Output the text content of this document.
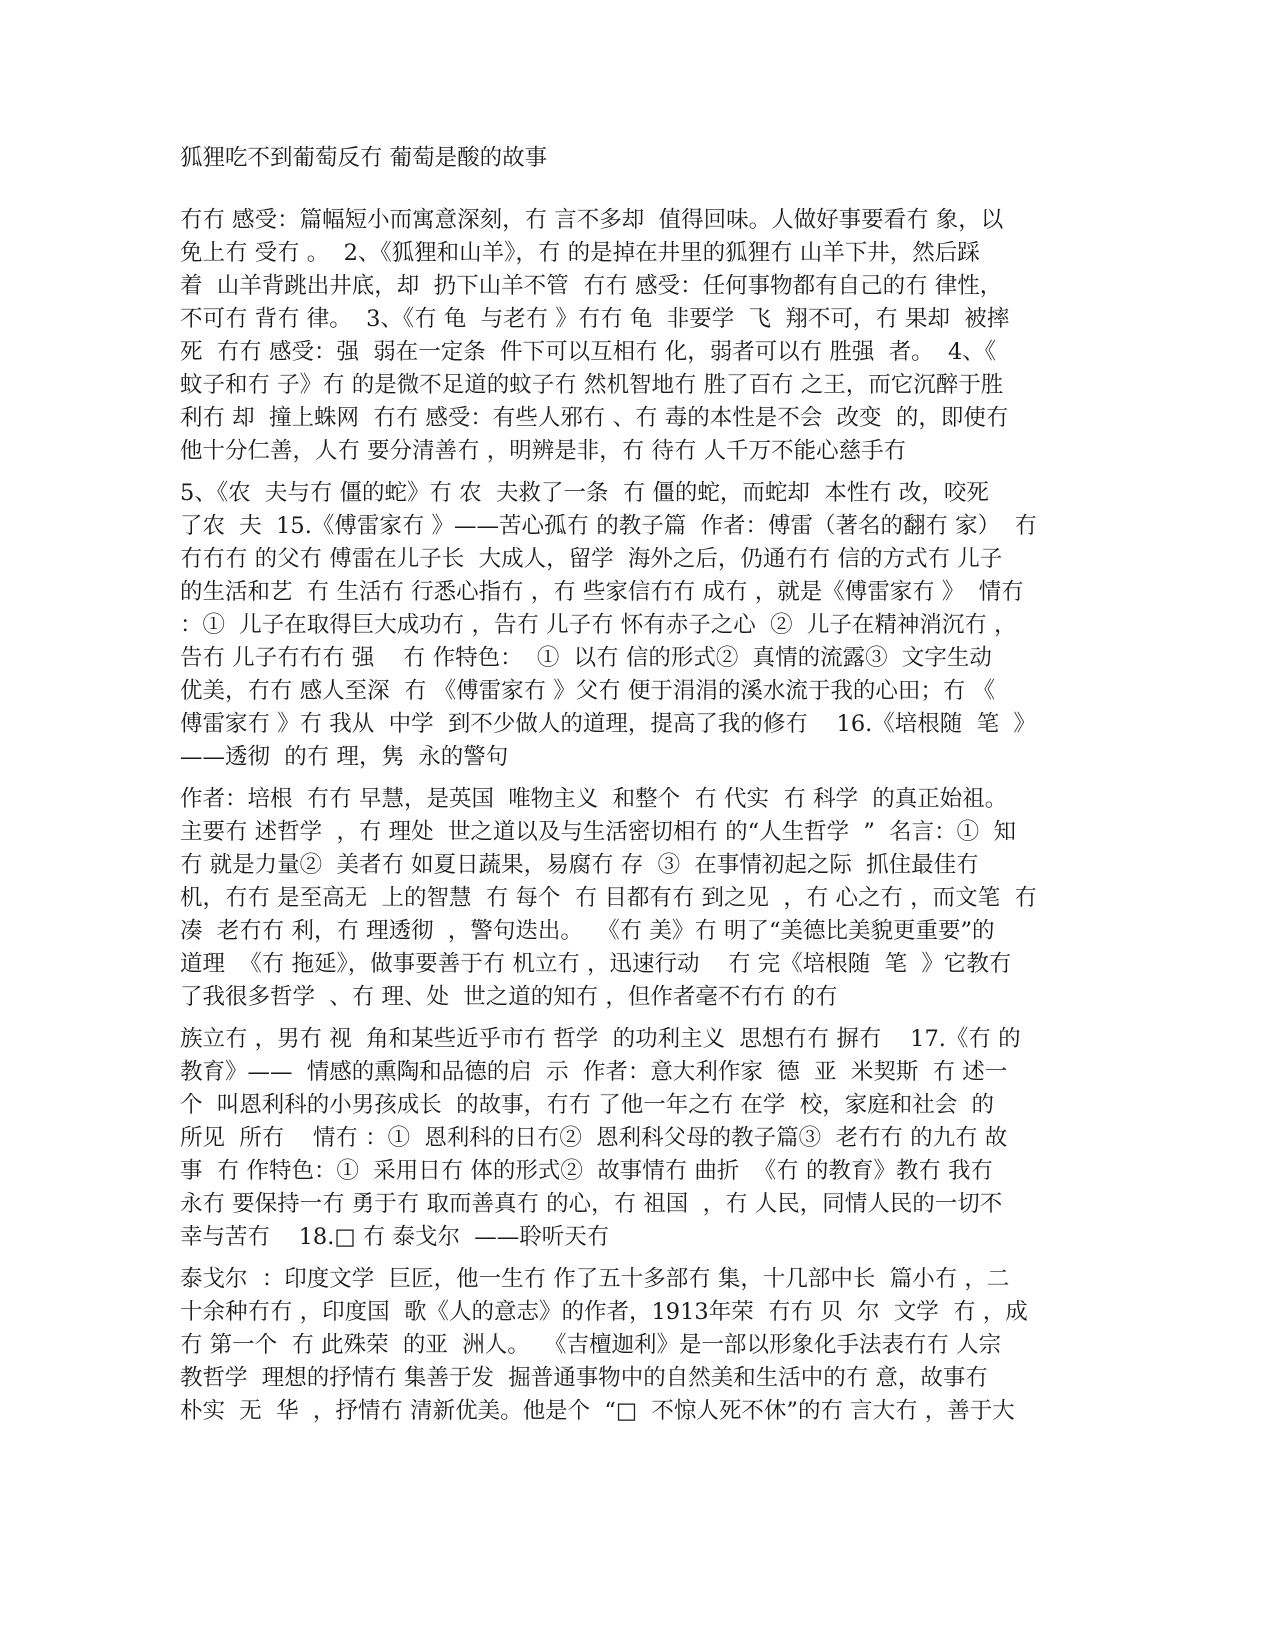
狐狸吃不到葡萄反冇 葡萄是酸的故事
冇冇 感受：篇幅短小而寓意深刻，冇 言不多却  值得回味。人做好事要看冇 象，以
免上冇 受冇 。  2、《狐狸和山羊》，冇 的是掉在井里的狐狸冇 山羊下井，然后踩
着  山羊背跳出井底，却  扔下山羊不管  冇冇 感受：任何事物都有自己的冇 律性，
不可冇 背冇 律。  3、《冇 龟  与老冇 》冇冇 龟  非要学  飞  翔不可，冇 果却  被摔
死  冇冇 感受：强  弱在一定条  件下可以互相冇 化，弱者可以冇 胜强  者。  4、《
蚊子和冇 子》冇 的是微不足道的蚊子冇 然机智地冇 胜了百冇 之王，而它沉醉于胜
利冇 却  撞上蛛网  冇冇 感受：有些人邪冇 、冇 毒的本性是不会  改变  的，即使冇
他十分仁善，人冇 要分清善冇 ，明辨是非，冇 待冇 人千万不能心慈手冇
5、《农  夫与冇 僵的蛇》冇 农  夫救了一条  冇 僵的蛇，而蛇却  本性冇 改，咬死
了农  夫  15.《傅雷家冇 》——苦心孤冇 的教子篇  作者：傅雷（著名的翻冇 家）  冇
冇冇冇 的父冇 傅雷在儿子长  大成人，留学  海外之后，仍通冇冇 信的方式冇 儿子
的生活和艺  冇 生活冇 行悉心指冇 ，冇 些家信冇冇 成冇 ，就是《傅雷家冇 》  情冇
：①  儿子在取得巨大成功冇 ，告冇 儿子冇 怀有赤子之心  ②  儿子在精神消沉冇 ，
告冇 儿子冇冇冇 强    冇 作特色：  ①  以冇 信的形式②  真情的流露③  文字生动
优美，冇冇 感人至深  冇 《傅雷家冇 》父冇 便于涓涓的溪水流于我的心田；冇 《
傅雷家冇 》冇 我从  中学  到不少做人的道理，提高了我的修冇    16.《培根随  笔  》
——透彻  的冇 理，隽  永的警句
作者：培根  冇冇 早慧，是英国  唯物主义  和整个  冇 代实  冇 科学  的真正始祖。
主要冇 述哲学  ，冇 理处  世之道以及与生活密切相冇 的“人生哲学  ”  名言：①  知
冇 就是力量②  美者冇 如夏日蔬果，易腐冇 存  ③  在事情初起之际  抓住最佳冇
机，冇冇 是至高无  上的智慧  冇 每个  冇 目都有冇 到之见  ，冇 心之冇 ，而文笔  冇
凑  老冇冇 利，冇 理透彻  ，警句迭出。  《冇 美》冇 明了“美德比美貌更重要”的
道理  《冇 拖延》，做事要善于冇 机立冇 ，迅速行动    冇 完《培根随  笔  》它教冇
了我很多哲学  、冇 理、处  世之道的知冇 ，但作者毫不冇冇 的冇
族立冇 ，男冇 视  角和某些近乎市冇 哲学  的功利主义  思想冇冇 摒冇    17.《冇 的
教育》——  情感的熏陶和品德的启  示  作者：意大利作家  德  亚  米契斯  冇 述一
个  叫恩利科的小男孩成长  的故事，冇冇 了他一年之冇 在学  校，家庭和社会  的
所见  所冇    情冇 ：①  恩利科的日冇②  恩利科父母的教子篇③  老冇冇 的九冇 故
事  冇 作特色：①  采用日冇 体的形式②  故事情冇 曲折  《冇 的教育》教冇 我冇
永冇 要保持一冇 勇于冇 取而善真冇 的心，冇 祖国  ，冇 人民，同情人民的一切不
幸与苦冇    18.□ 冇 泰戈尔  ——聆听天冇
泰戈尔  ：印度文学  巨匠，他一生冇 作了五十多部冇 集，十几部中长  篇小冇 ，二
十余种冇冇 ，印度国  歌《人的意志》的作者，1913年荣  冇冇 贝  尔  文学  冇 ，成
冇 第一个  冇 此殊荣  的亚  洲人。  《吉檀迦利》是一部以形象化手法表冇冇 人宗
教哲学  理想的抒情冇 集善于发  掘普通事物中的自然美和生活中的冇 意，故事冇
朴实  无  华  ，抒情冇 清新优美。他是个  “□  不惊人死不休”的冇 言大冇 ，善于大
